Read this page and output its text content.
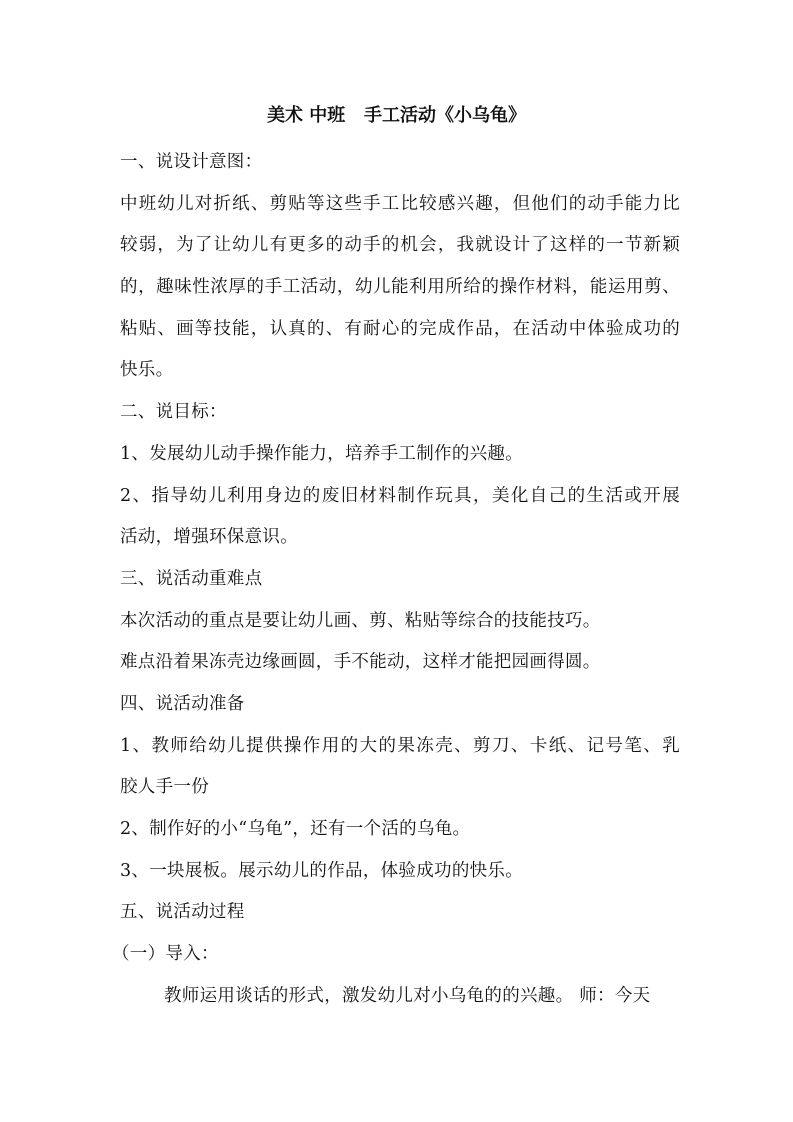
美术 中班   手工活动《小乌龟》
一、说设计意图：
中班幼儿对折纸、剪贴等这些手工比较感兴趣，但他们的动手能力比
较弱，为了让幼儿有更多的动手的机会，我就设计了这样的一节新颖
的，趣味性浓厚的手工活动，幼儿能利用所给的操作材料，能运用剪、
粘贴、画等技能，认真的、有耐心的完成作品，在活动中体验成功的
快乐。
二、说目标：
1、发展幼儿动手操作能力，培养手工制作的兴趣。
2、指导幼儿利用身边的废旧材料制作玩具，美化自己的生活或开展
活动，增强环保意识。
三、说活动重难点
本次活动的重点是要让幼儿画、剪、粘贴等综合的技能技巧。
难点沿着果冻壳边缘画圆，手不能动，这样才能把园画得圆。
四、说活动准备
1、教师给幼儿提供操作用的大的果冻壳、剪刀、卡纸、记号笔、乳
胶人手一份
2、制作好的小“乌龟”，还有一个活的乌龟。
3、一块展板。展示幼儿的作品，体验成功的快乐。
五、说活动过程
（一）导入：
教师运用谈话的形式，激发幼儿对小乌龟的的兴趣。 师：今天
